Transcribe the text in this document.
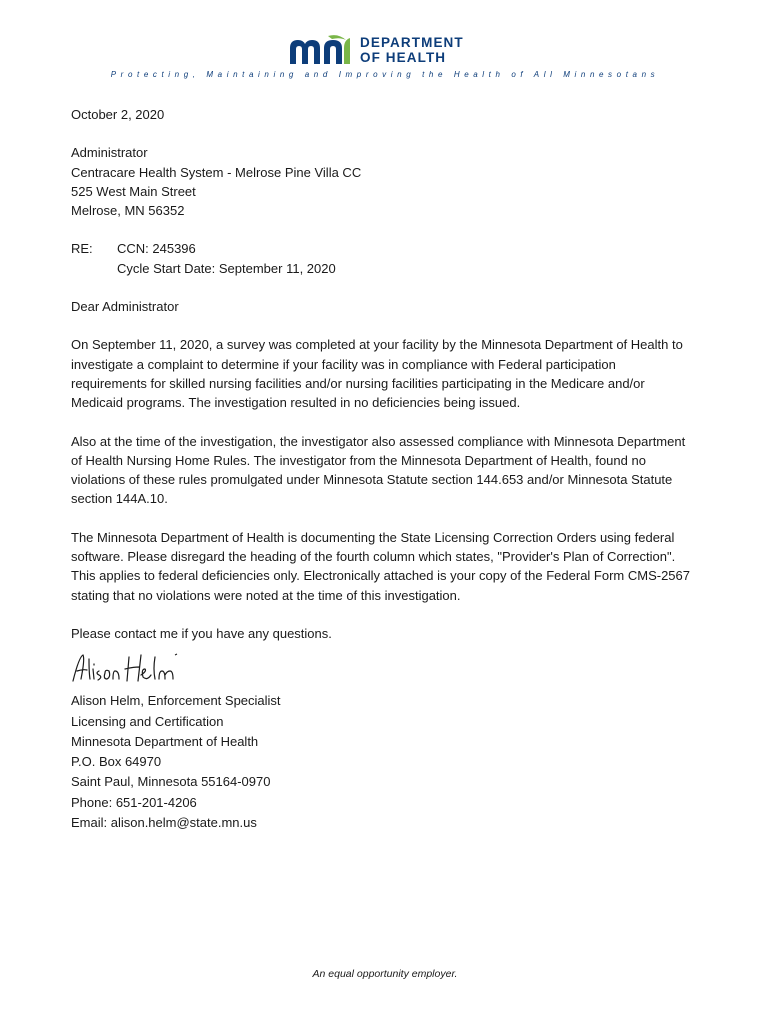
DEPARTMENT
OF HEALTH
Protecting, Maintaining and Improving the Health of All Minnesotans

October 2, 2020

Administrator

Centracare Health System - Melrose Pine Villa CC

525 West Main Street

Melrose, MN 56352

RE:	CCN: 245396

Cycle Start Date: September 11, 2020

Dear Administrator

On September 11, 2020, a survey was completed at your facility by the Minnesota Department of Health to investigate a complaint to determine if your facility was in compliance with Federal participation requirements for skilled nursing facilities and/or nursing facilities participating in the Medicare and/or Medicaid programs. The investigation resulted in no deficiencies being issued.

Also at the time of the investigation, the investigator also assessed compliance with Minnesota Department of Health Nursing Home Rules. The investigator from the Minnesota Department of Health, found no violations of these rules promulgated under Minnesota Statute section 144.653 and/or Minnesota Statute section 144A.10.

The Minnesota Department of Health is documenting the State Licensing Correction Orders using federal software. Please disregard the heading of the fourth column which states, "Provider's Plan of Correction". This applies to federal deficiencies only. Electronically attached is your copy of the Federal Form CMS-2567 stating that no violations were noted at the time of this investigation.

Please contact me if you have any questions.

Alison Helm, Enforcement Specialist

Licensing and Certification

Minnesota Department of Health

P.O. Box 64970

Saint Paul, Minnesota 55164-0970

Phone: 651-201-4206

Email: alison.helm@state.mn.us

An equal opportunity employer.
